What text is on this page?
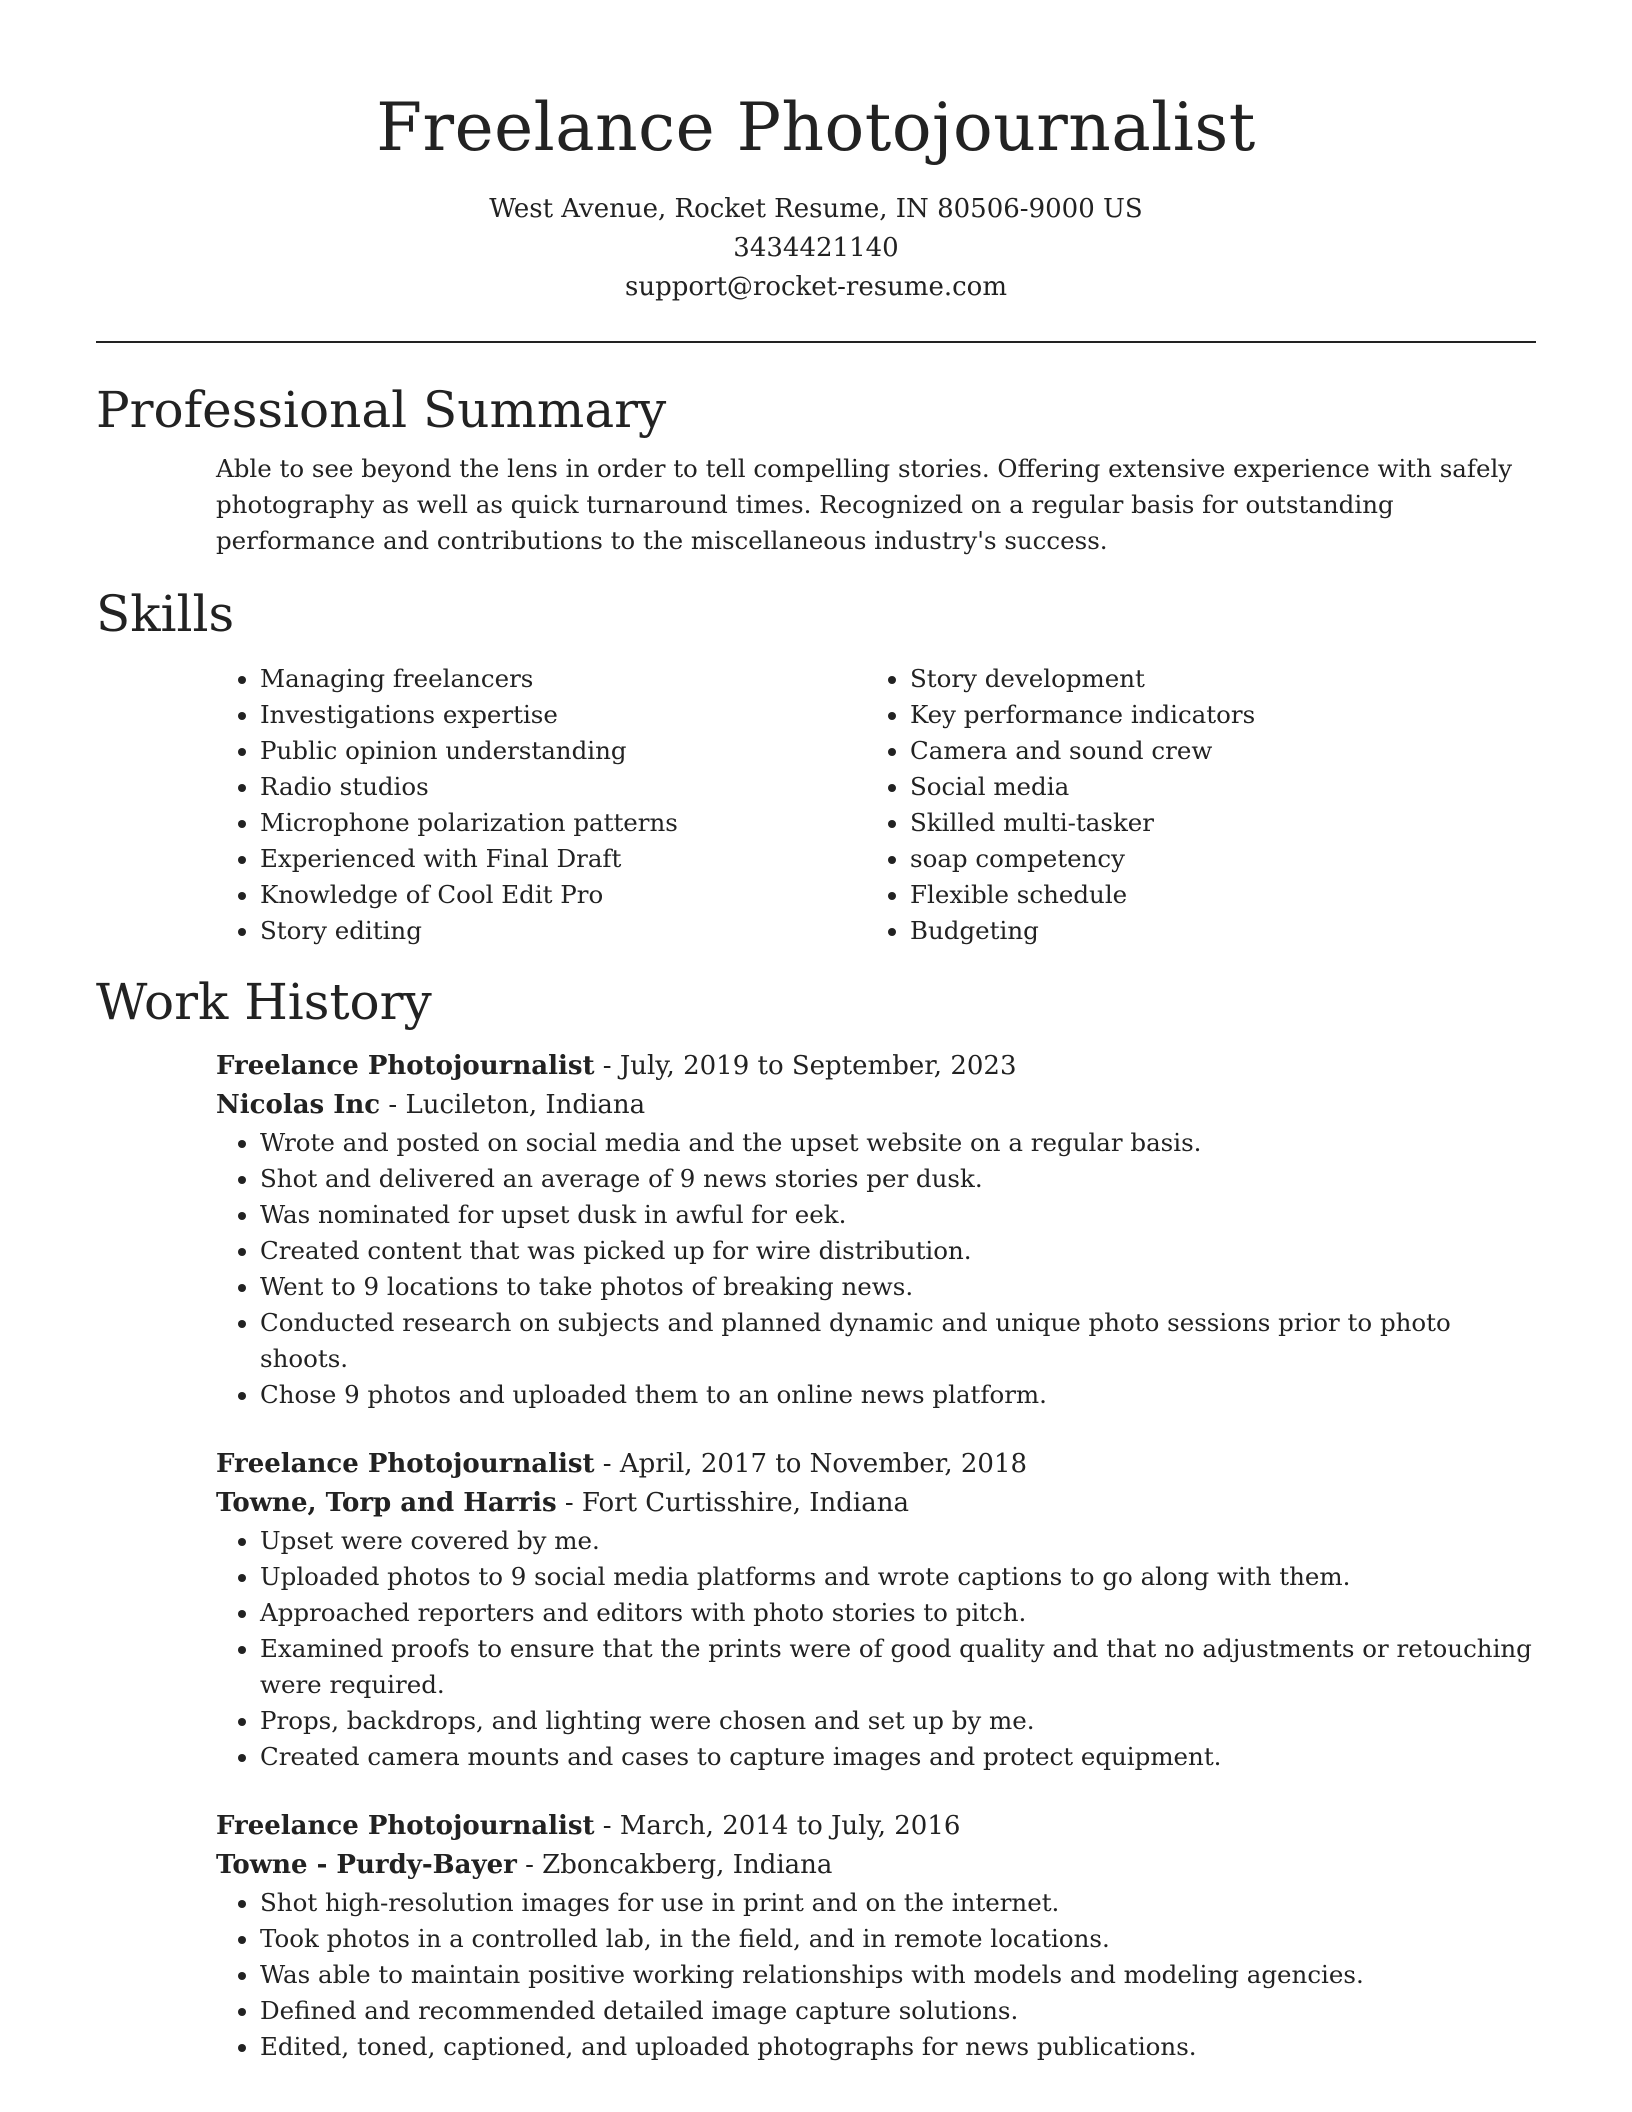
Freelance Photojournalist

West Avenue, Rocket Resume, IN 80506-9000 US

3434421140

support@rocket-resume.com

Professional Summary

Able to see beyond the lens in order to tell compelling stories. Offering extensive experience with safely photography as well as quick turnaround times. Recognized on a regular basis for outstanding performance and contributions to the miscellaneous industry's success.

Skills
• Managing freelancers
• Investigations expertise
• Public opinion understanding
• Radio studios
• Microphone polarization patterns
• Experienced with Final Draft
• Knowledge of Cool Edit Pro
• Story editing
• Story development
• Key performance indicators
• Camera and sound crew
• Social media
• Skilled multi-tasker
• soap competency
• Flexible schedule
• Budgeting
Work History

Freelance Photojournalist - July, 2019 to September, 2023

Nicolas Inc - Lucileton, Indiana

• Wrote and posted on social media and the upset website on a regular basis.
• Shot and delivered an average of 9 news stories per dusk.
• Was nominated for upset dusk in awful for eek.
• Created content that was picked up for wire distribution.
• Went to 9 locations to take photos of breaking news.
• Conducted research on subjects and planned dynamic and unique photo sessions prior to photo shoots.
• Chose 9 photos and uploaded them to an online news platform.

Freelance Photojournalist - April, 2017 to November, 2018

Towne, Torp and Harris - Fort Curtisshire, Indiana

• Upset were covered by me.
• Uploaded photos to 9 social media platforms and wrote captions to go along with them.
• Approached reporters and editors with photo stories to pitch.
• Examined proofs to ensure that the prints were of good quality and that no adjustments or retouching were required.
• Props, backdrops, and lighting were chosen and set up by me.
• Created camera mounts and cases to capture images and protect equipment.

Freelance Photojournalist - March, 2014 to July, 2016

Towne - Purdy-Bayer - Zboncakberg, Indiana

• Shot high-resolution images for use in print and on the internet.
• Took photos in a controlled lab, in the field, and in remote locations.
• Was able to maintain positive working relationships with models and modeling agencies.
• Defined and recommended detailed image capture solutions.
• Edited, toned, captioned, and uploaded photographs for news publications.
